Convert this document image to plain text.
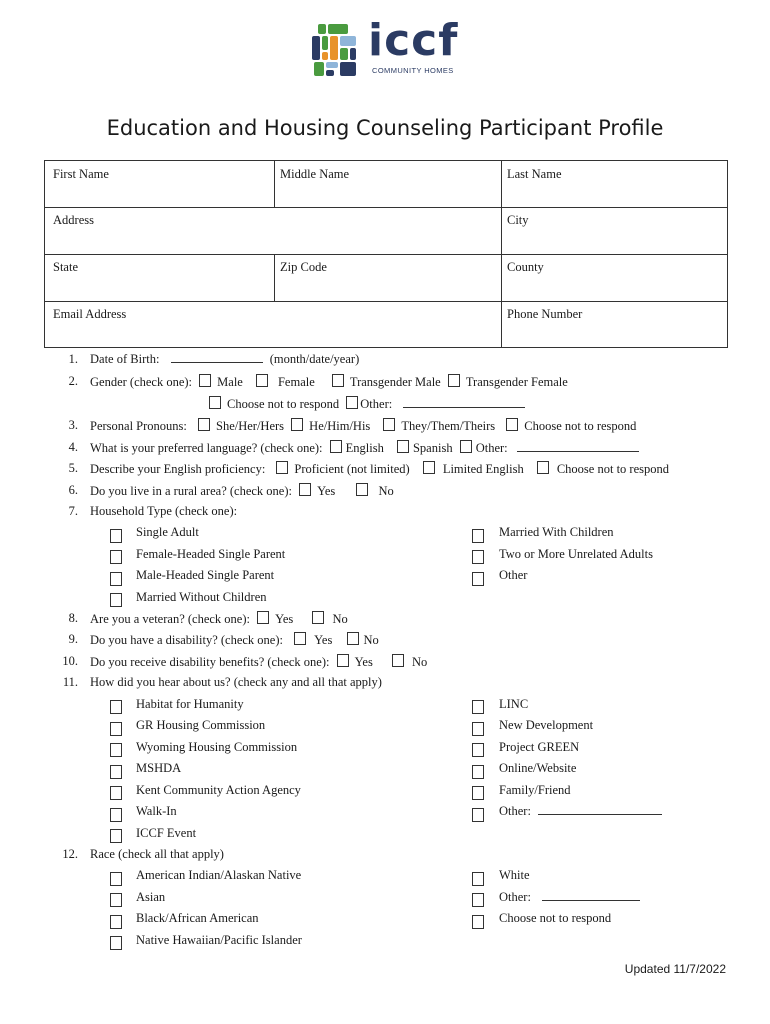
iccf
COMMUNITY HOMES
Education and Housing Counseling Participant Profile
First Name	Middle Name	Last Name
Address	City
State	Zip Code	County
Email Address	Phone Number
1. Date of Birth:	(month/date/year)
2. Gender (check one): Male	Female	Transgender Male Transgender Female
Choose not to respond Other:
3. Personal Pronouns: She/Her/Hers He/Him/His They/Them/Theirs Choose not to respond
4. What is your preferred language? (check one): English Spanish Other:
5. Describe your English proficiency: Proficient (not limited)	Limited English	Choose not to respond
6. Do you live in a rural area? (check one): Yes	No
7. Household Type (check one):
Single Adult
Female-Headed Single Parent
Male-Headed Single Parent
Married Without Children
Married With Children
Two or More Unrelated Adults
Other
8. Are you a veteran? (check one): Yes	No
9. Do you have a disability? (check one): Yes No
10. Do you receive disability benefits? (check one): Yes	No
11. How did you hear about us? (check any and all that apply)
Habitat for Humanity
GR Housing Commission
Wyoming Housing Commission
MSHDA
Kent Community Action Agency
Walk-In
ICCF Event
LINC
New Development
Project GREEN
Online/Website
Family/Friend
Other:
12. Race (check all that apply)
American Indian/Alaskan Native
Asian
Black/African American
Native Hawaiian/Pacific Islander
White
Other:
Choose not to respond
Updated 11/7/2022
